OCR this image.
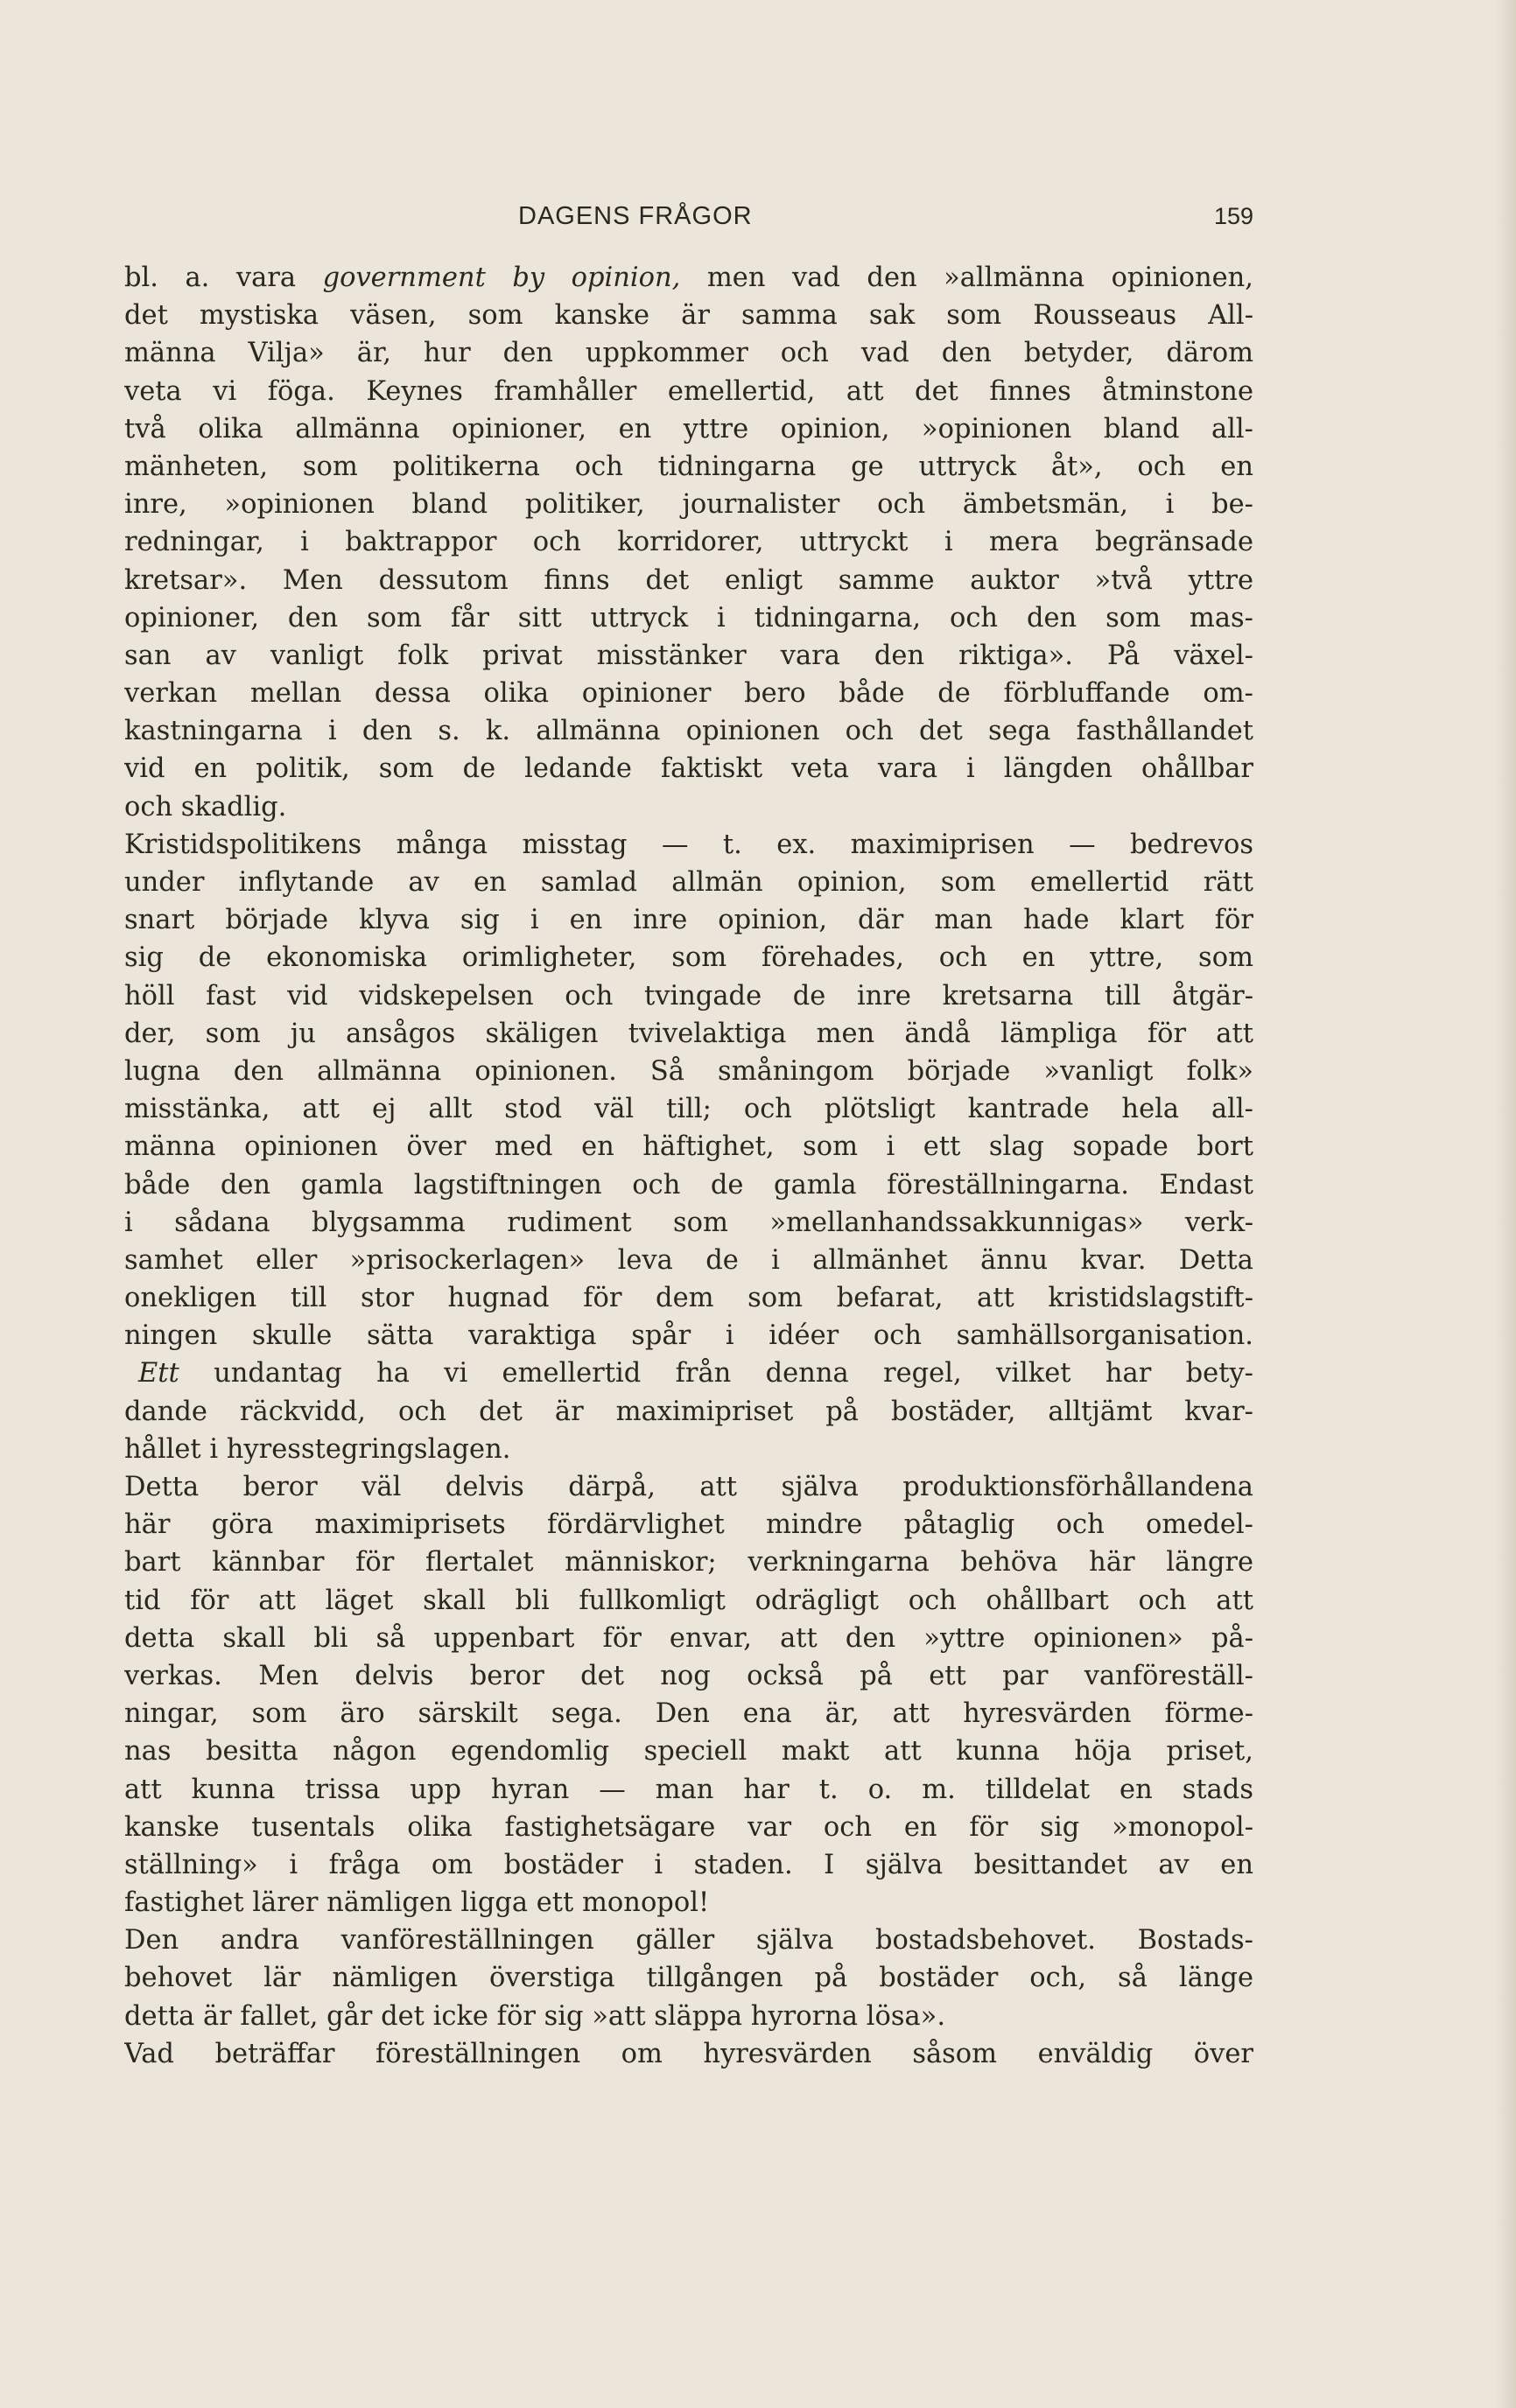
DAGENS FRÅGOR	159
bl. a. vara government by opinion, men vad den »allmänna opinionen,
det mystiska väsen, som kanske är samma sak som Rousseaus All-
männa Vilja» är, hur den uppkommer och vad den betyder, därom
veta vi föga. Keynes framhåller emellertid, att det finnes åtminstone
två olika allmänna opinioner, en yttre opinion, »opinionen bland all-
mänheten, som politikerna och tidningarna ge uttryck åt», och en
inre, »opinionen bland politiker, journalister och ämbetsmän, i be-
redningar, i baktrappor och korridorer, uttryckt i mera begränsade
kretsar». Men dessutom finns det enligt samme auktor »två yttre
opinioner, den som får sitt uttryck i tidningarna, och den som mas-
san av vanligt folk privat misstänker vara den riktiga». På växel-
verkan mellan dessa olika opinioner bero både de förbluffande om-
kastningarna i den s. k. allmänna opinionen och det sega fasthållandet
vid en politik, som de ledande faktiskt veta vara i längden ohållbar
och skadlig.
Kristidspolitikens många misstag — t. ex. maximiprisen — bedrevos
under inflytande av en samlad allmän opinion, som emellertid rätt
snart började klyva sig i en inre opinion, där man hade klart för
sig de ekonomiska orimligheter, som förehades, och en yttre, som
höll fast vid vidskepelsen och tvingade de inre kretsarna till åtgär-
der, som ju ansågos skäligen tvivelaktiga men ändå lämpliga för att
lugna den allmänna opinionen. Så småningom började »vanligt folk»
misstänka, att ej allt stod väl till; och plötsligt kantrade hela all-
männa opinionen över med en häftighet, som i ett slag sopade bort
både den gamla lagstiftningen och de gamla föreställningarna. Endast
i sådana blygsamma rudiment som »mellanhandssakkunnigas» verk-
samhet eller »prisockerlagen» leva de i allmänhet ännu kvar. Detta
onekligen till stor hugnad för dem som befarat, att kristidslagstift-
ningen skulle sätta varaktiga spår i idéer och samhällsorganisation.
Ett undantag ha vi emellertid från denna regel, vilket har bety-
dande räckvidd, och det är maximipriset på bostäder, alltjämt kvar-
hållet i hyresstegringslagen.
Detta beror väl delvis därpå, att själva produktionsförhållandena
här göra maximiprisets fördärvlighet mindre påtaglig och omedel-
bart kännbar för flertalet människor; verkningarna behöva här längre
tid för att läget skall bli fullkomligt odrägligt och ohållbart och att
detta skall bli så uppenbart för envar, att den »yttre opinionen» på-
verkas. Men delvis beror det nog också på ett par vanföreställ-
ningar, som äro särskilt sega. Den ena är, att hyresvärden förme-
nas besitta någon egendomlig speciell makt att kunna höja priset,
att kunna trissa upp hyran — man har t. o. m. tilldelat en stads
kanske tusentals olika fastighetsägare var och en för sig »monopol-
ställning» i fråga om bostäder i staden. I själva besittandet av en
fastighet lärer nämligen ligga ett monopol!
Den andra vanföreställningen gäller själva bostadsbehovet. Bostads-
behovet lär nämligen överstiga tillgången på bostäder och, så länge
detta är fallet, går det icke för sig »att släppa hyrorna lösa».
Vad beträffar föreställningen om hyresvärden såsom enväldig över
